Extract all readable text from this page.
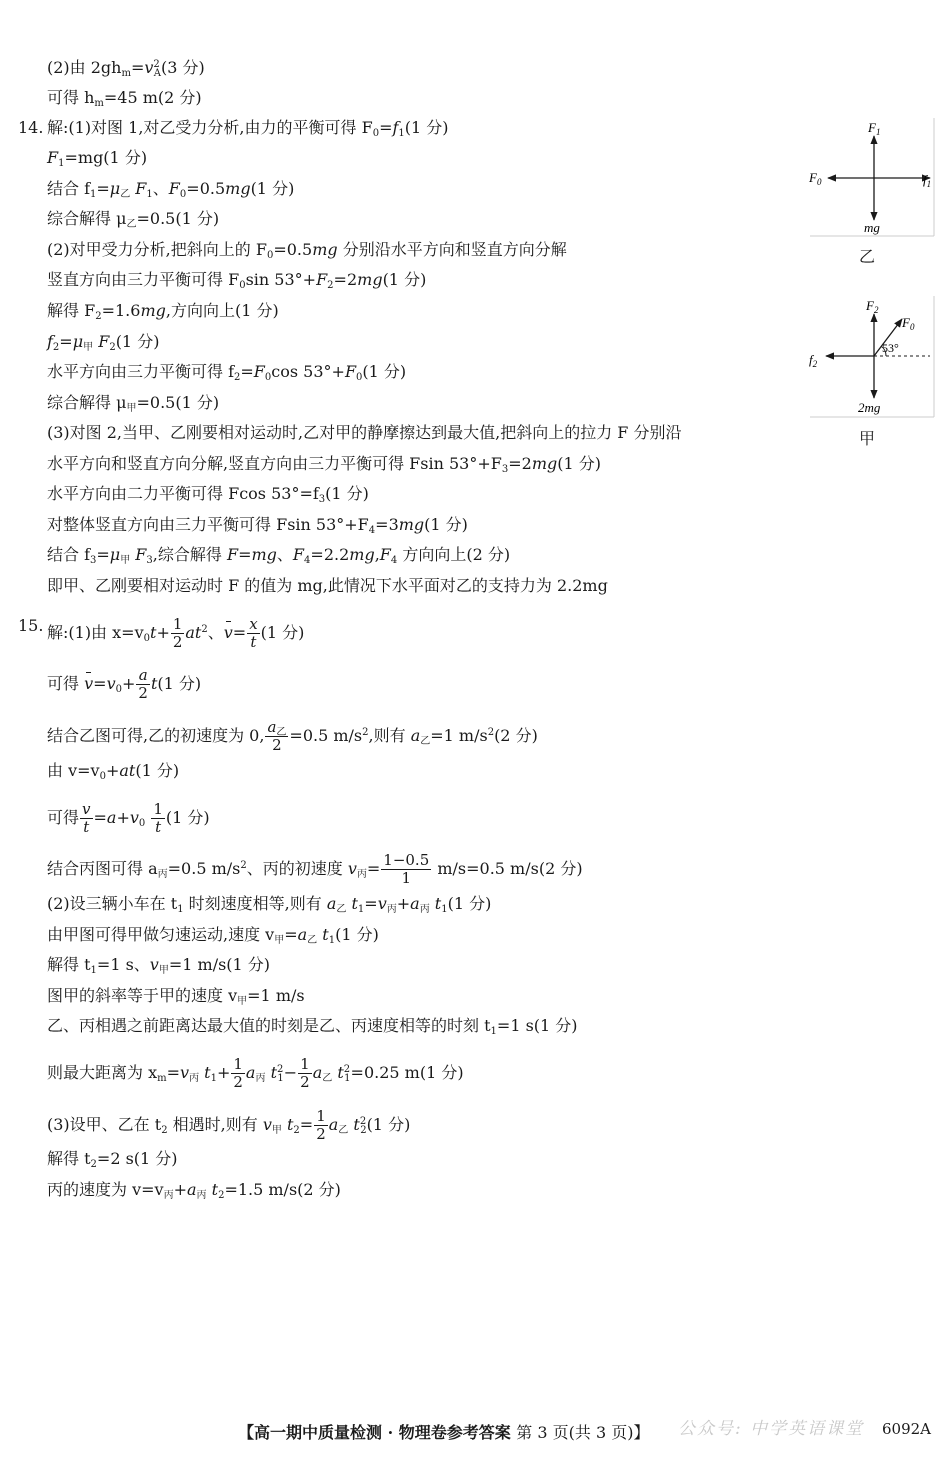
(2)由 $2gh_m=v^2_A(3$ 分)
可得 $h_m=45$ m(2 分)
14. 解:(1)对图 1,对乙受力分析,由力的平衡可得 $F_0=f_1(1$ 分)
$F_1=mg(1$ 分)
结合 $f_1=\mu_乙$ $F_1$、$F_0=0.5mg(1$ 分)
综合解得 $\mu_乙=0.5(1$ 分)
(2)对甲受力分析,把斜向上的 $F_0=0.5mg$ 分别沿水平方向和竖直方向分解
竖直方向由三力平衡可得 $F_0\sin$ $53^\circ+F_2=2mg(1$ 分)
解得 $F_2=1.6mg$,方向向上(1 分)
$f_2=\mu_甲$ $F_2(1$ 分)
水平方向由三力平衡可得 $f_2=F_0\cos$ $53^\circ+F_0(1$ 分)
综合解得 $\mu_甲=0.5(1$ 分)
(3)对图 2,当甲、乙刚要相对运动时,乙对甲的静摩擦达到最大值,把斜向上的拉力 F 分别沿
水平方向和竖直方向分解,竖直方向由三力平衡可得 Fsin $53^\circ+F_3=2mg(1$ 分)
水平方向由二力平衡可得 Fcos $53^\circ=f_3(1$ 分)
对整体竖直方向由三力平衡可得 Fsin $53^\circ+F_4=3mg(1$ 分)
结合 $f_3=\mu_甲$ $F_3$,综合解得 F=mg、$F_4=2.2mg,F_4$ 方向向上(2 分)
即甲、乙刚要相对运动时 F 的值为 mg,此情况下水平面对乙的支持力为 2.2mg
$F_1$
$F_0$	$f_1$
mg
乙
$F_2$
$F_0$
$f_2$
53°
2mg
甲
15. 解:(1)由 $x=v_0t+ \frac{1}{2} at^2$、$v= \frac{x}{t} (1$ 分)
可得 $v=v_0+ \frac{a}{2} t(1$ 分)
结合乙图可得,乙的初速度为 0, $\frac{a_乙}{2} =0.5$ $m/s^2$,则有 $a_乙=1$ $m/s^2(2$ 分)
由 $v=v_0+at(1$ 分)
可得 $\frac{v}{t} =a+v_0 \frac{1}{t} (1$ 分)
结合丙图可得 $a_丙=0.5$ $m/s^2$、丙的初速度 $v_丙= \frac{1-0.5}{1} m/s=0.5$ m/s(2 分)
(2)设三辆小车在 $t_1$ 时刻速度相等,则有 $a_乙$ $t_1=v_丙+a_丙$ $t_1(1$ 分)
由甲图可得甲做匀速运动,速度 $v_甲=a_乙$ $t_1(1$ 分)
解得 $t_1=1$ s、$v_甲=1$ m/s(1 分)
图甲的斜率等于甲的速度 $v_甲=1$ m/s
乙、丙相遇之前距离达最大值的时刻是乙、丙速度相等的时刻 $t_1=1$ s(1 分)
则最大距离为 $x_m=v_丙$ $t_1+ \frac{1}{2} a_丙$ $t^2_1- \frac{1}{2} a_乙$ $t^2_1=0.25$ m(1 分)
(3)设甲、乙在 $t_2$ 相遇时,则有 $v_甲$ $t_2= \frac{1}{2} a_乙$ $t^2_2(1$ 分)
解得 $t_2=2$ s(1 分)
丙的速度为 $v=v_丙+a_丙$ $t_2=1.5$ m/s(2 分)
公众号: 中学英语课堂
【高一期中质量检测 · 物理卷参考答案 第 3 页(共 3 页)】	6092A
